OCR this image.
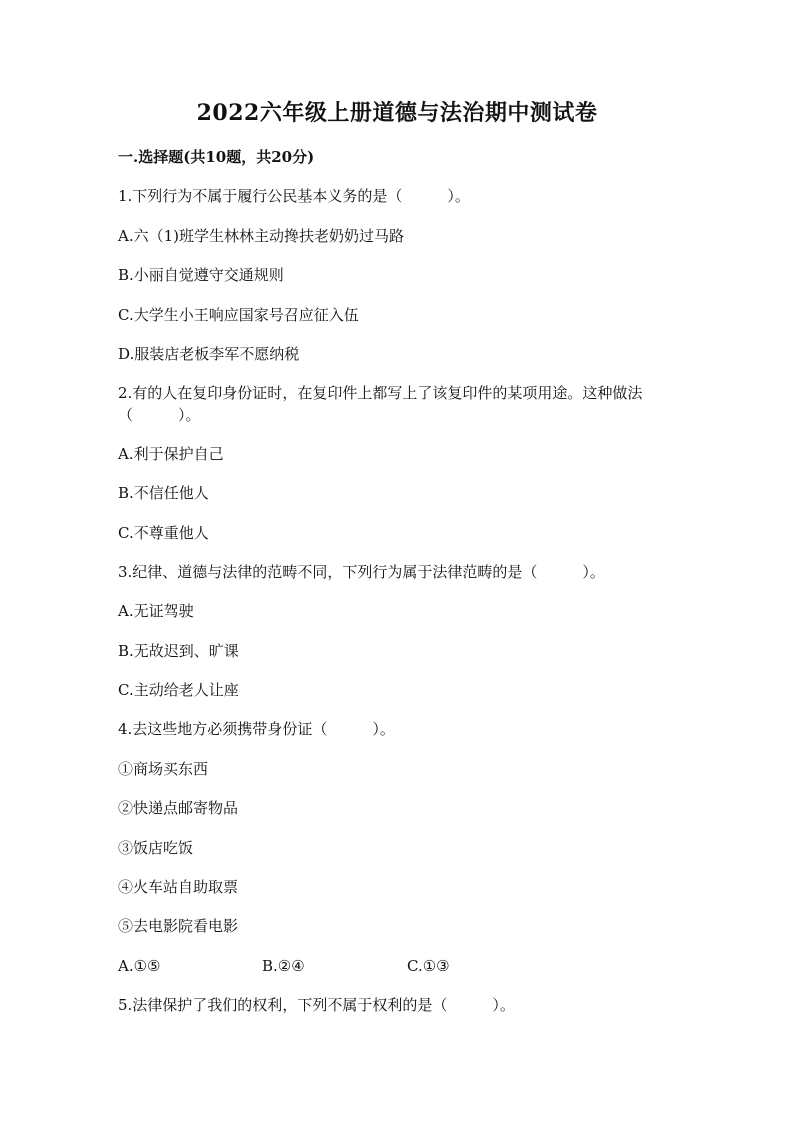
2022六年级上册道德与法治期中测试卷
一.选择题(共10题，共20分)
1.下列行为不属于履行公民基本义务的是（　　　）。
A.六（1)班学生林林主动搀扶老奶奶过马路
B.小丽自觉遵守交通规则
C.大学生小王响应国家号召应征入伍
D.服装店老板李军不愿纳税
2.有的人在复印身份证时，在复印件上都写上了该复印件的某项用途。这种做法（　　　）。
A.利于保护自己
B.不信任他人
C.不尊重他人
3.纪律、道德与法律的范畴不同，下列行为属于法律范畴的是（　　　）。
A.无证驾驶
B.无故迟到、旷课
C.主动给老人让座
4.去这些地方必须携带身份证（　　　）。
①商场买东西
②快递点邮寄物品
③饭店吃饭
④火车站自助取票
⑤去电影院看电影
A.①⑤	B.②④	C.①③
5.法律保护了我们的权利，下列不属于权利的是（　　　）。
